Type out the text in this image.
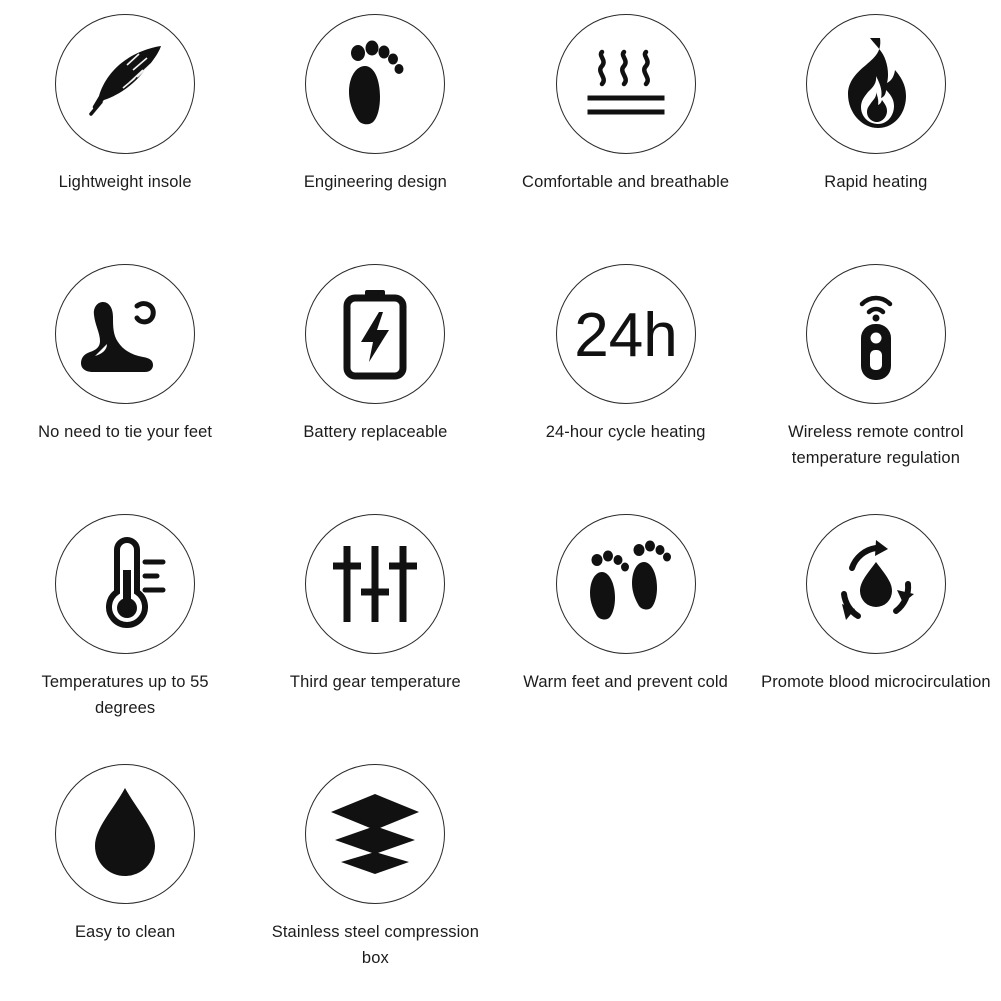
Lightweight insole	Engineering design	Comfortable and breathable	Rapid heating
No need to tie your feet	Battery replaceable
24h
24-hour cycle heating	Wireless remote control temperature regulation
Temperatures up to 55 degrees
Third gear temperature	Warm feet and prevent cold Promote blood microcirculation
Easy to clean	Stainless steel compression box
